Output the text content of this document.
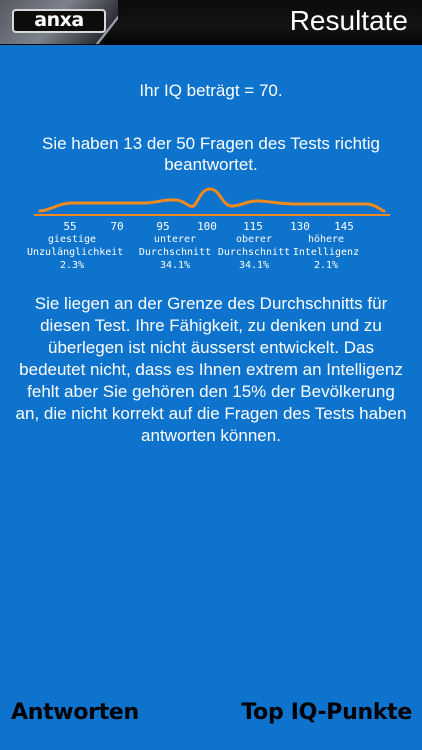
anxa	Resultate
Ihr IQ beträgt = 70.
Sie haben 13 der 50 Fragen des Tests richtig beantwortet.
55	70	95	100	115	130	145
giestige
Unzulänglichkeit
2.3%
unterer
Durchschnitt
34.1%
oberer
Durchschnitt
34.1%
höhere
Intelligenz
2.1%
Sie liegen an der Grenze des Durchschnitts für diesen Test. Ihre Fähigkeit, zu denken und zu überlegen ist nicht äusserst entwickelt. Das bedeutet nicht, dass es Ihnen extrem an Intelligenz fehlt aber Sie gehören den 15% der Bevölkerung an, die nicht korrekt auf die Fragen des Tests haben antworten können.
Antworten	Top IQ-Punkte
